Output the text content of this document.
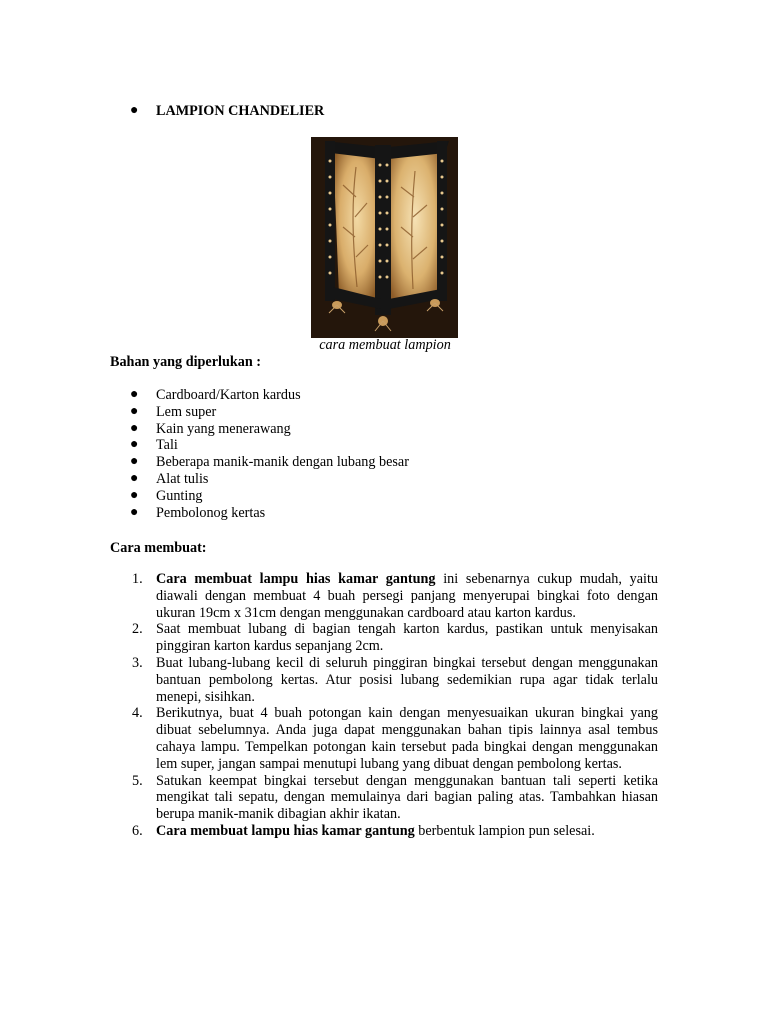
●	LAMPION CHANDELIER
cara membuat lampion
Bahan yang diperlukan :
●	Cardboard/Karton kardus
●	Lem super
●	Kain yang menerawang
●	Tali
●	Beberapa manik-manik dengan lubang besar
●	Alat tulis
●	Gunting
●	Pembolonog kertas
Cara membuat:
1. Cara membuat lampu hias kamar gantung ini sebenarnya cukup mudah, yaitu diawali dengan membuat 4 buah persegi panjang menyerupai bingkai foto dengan ukuran 19cm x 31cm dengan menggunakan cardboard atau karton kardus.
2. Saat membuat lubang di bagian tengah karton kardus, pastikan untuk menyisakan pinggiran karton kardus sepanjang 2cm.
3. Buat lubang-lubang kecil di seluruh pinggiran bingkai tersebut dengan menggunakan bantuan pembolong kertas. Atur posisi lubang sedemikian rupa agar tidak terlalu menepi, sisihkan.
4. Berikutnya, buat 4 buah potongan kain dengan menyesuaikan ukuran bingkai yang dibuat sebelumnya. Anda juga dapat menggunakan bahan tipis lainnya asal tembus cahaya lampu. Tempelkan potongan kain tersebut pada bingkai dengan menggunakan lem super, jangan sampai menutupi lubang yang dibuat dengan pembolong kertas.
5. Satukan keempat bingkai tersebut dengan menggunakan bantuan tali seperti ketika mengikat tali sepatu, dengan memulainya dari bagian paling atas. Tambahkan hiasan berupa manik-manik dibagian akhir ikatan.
6. Cara membuat lampu hias kamar gantung berbentuk lampion pun selesai.
